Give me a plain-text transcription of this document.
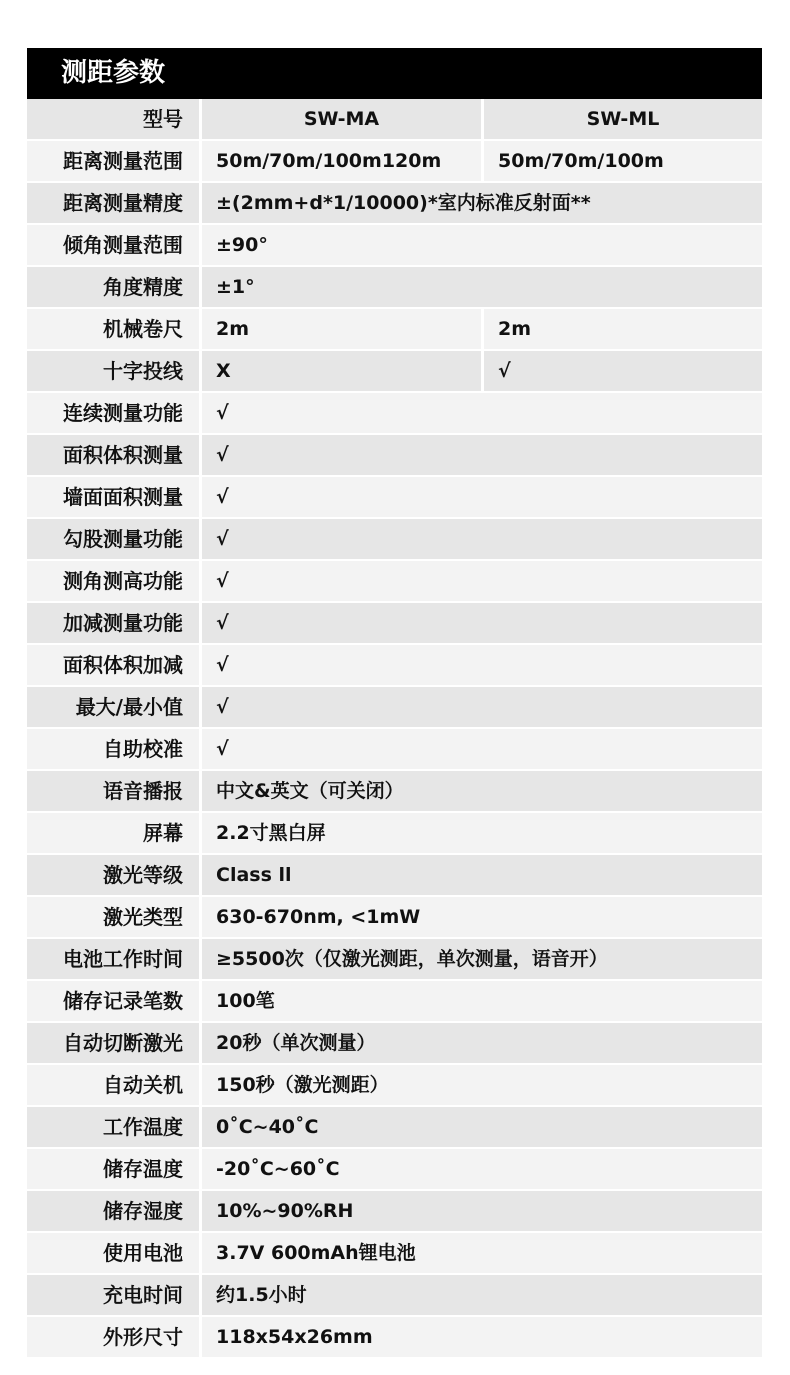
测距参数
型号	SW-MA	SW-ML
距离测量范围	50m/70m/100m120m	50m/70m/100m
距离测量精度	±(2mm+d*1/10000)*室内标准反射面**
倾角测量范围	±90°
角度精度	±1°
机械卷尺	2m	2m
十字投线	X	√
连续测量功能	√
面积体积测量	√
墙面面积测量	√
勾股测量功能	√
测角测高功能	√
加减测量功能	√
面积体积加减	√
最大/最小值	√
自助校准	√
语音播报	中文&英文（可关闭）
屏幕	2.2寸黑白屏
激光等级	Class ll
激光类型	630-670nm, <1mW
电池工作时间	≥5500次（仅激光测距，单次测量，语音开）
储存记录笔数	100笔
自动切断激光	20秒（单次测量）
自动关机	150秒（激光测距）
工作温度	0˚C~40˚C
储存温度	-20˚C~60˚C
储存湿度	10%~90%RH
使用电池	3.7V 600mAh锂电池
充电时间	约1.5小时
外形尺寸	118x54x26mm
